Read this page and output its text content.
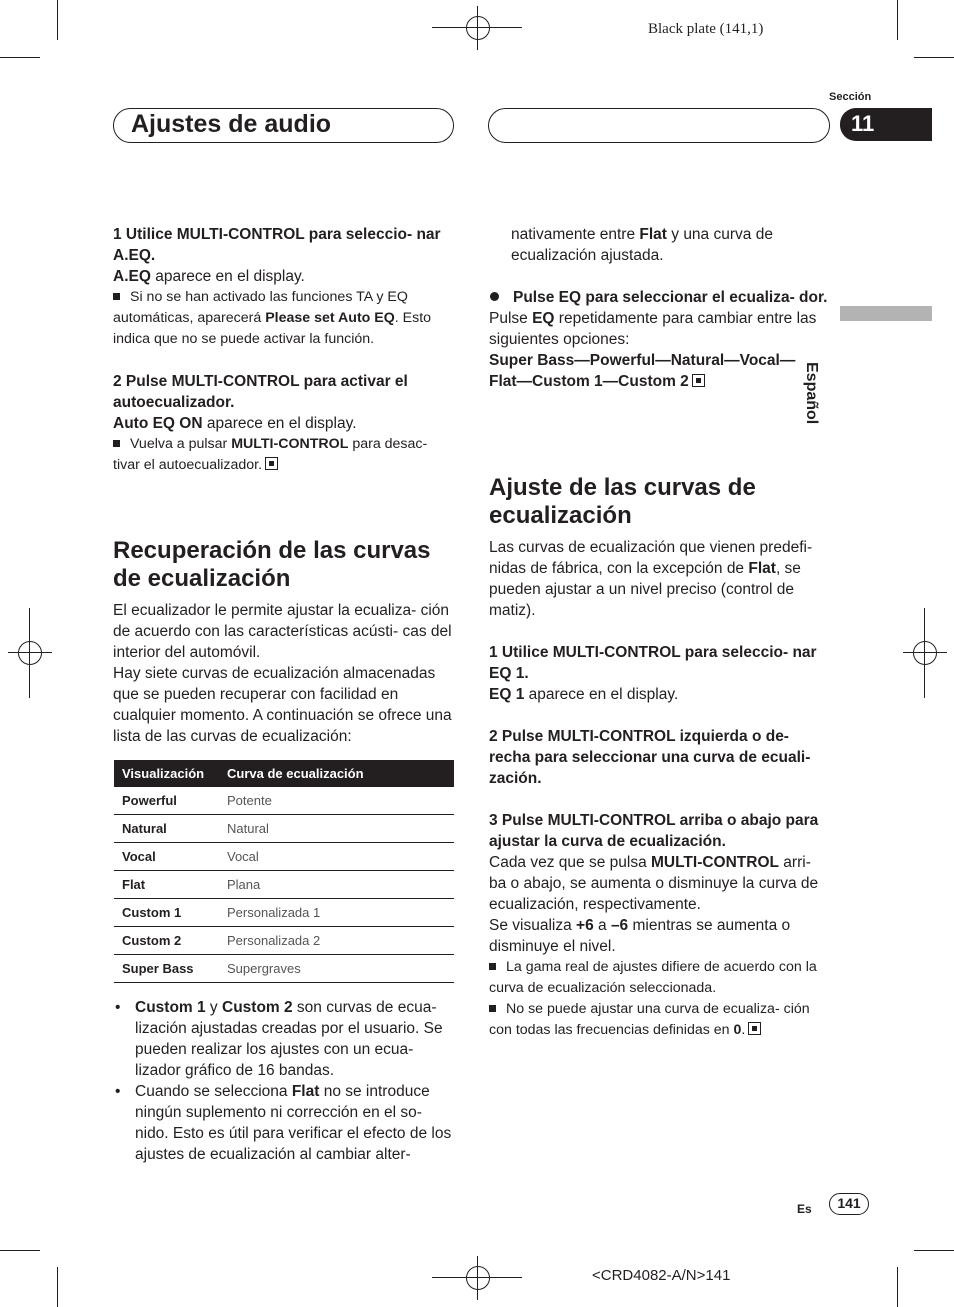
Black plate (141,1)
Ajustes de audio
Sección
11
Español

1 Utilice MULTI-CONTROL para seleccio- nar A.EQ.

A.EQ aparece en el display.

Si no se han activado las funciones TA y EQ automáticas, aparecerá Please set Auto EQ. Esto indica que no se puede activar la función.

2 Pulse MULTI-CONTROL para activar el autoecualizador.

Auto EQ ON aparece en el display.

Vuelva a pulsar MULTI-CONTROL para desac- tivar el autoecualizador.

Recuperación de las curvas de ecualización

El ecualizador le permite ajustar la ecualiza- ción de acuerdo con las características acústi- cas del interior del automóvil.

Hay siete curvas de ecualización almacenadas que se pueden recuperar con facilidad en cualquier momento. A continuación se ofrece una lista de las curvas de ecualización:

Visualización	Curva de ecualización
Powerful	Potente
Natural	Natural
Vocal	Vocal
Flat	Plana
Custom 1	Personalizada 1
Custom 2	Personalizada 2
Super Bass	Supergraves

• Custom 1 y Custom 2 son curvas de ecua- lización ajustadas creadas por el usuario. Se pueden realizar los ajustes con un ecua- lizador gráfico de 16 bandas.

• Cuando se selecciona Flat no se introduce ningún suplemento ni corrección en el so- nido. Esto es útil para verificar el efecto de los ajustes de ecualización al cambiar alter-

nativamente entre Flat y una curva de ecualización ajustada.

Pulse EQ para seleccionar el ecualiza- dor.

Pulse EQ repetidamente para cambiar entre las siguientes opciones:

Super Bass—Powerful—Natural—Vocal—

Flat—Custom 1—Custom 2

Ajuste de las curvas de ecualización

Las curvas de ecualización que vienen predefi- nidas de fábrica, con la excepción de Flat, se pueden ajustar a un nivel preciso (control de matiz).

1 Utilice MULTI-CONTROL para seleccio- nar EQ 1.

EQ 1 aparece en el display.

2 Pulse MULTI-CONTROL izquierda o de- recha para seleccionar una curva de ecuali- zación.

3 Pulse MULTI-CONTROL arriba o abajo para ajustar la curva de ecualización.

Cada vez que se pulsa MULTI-CONTROL arri- ba o abajo, se aumenta o disminuye la curva de ecualización, respectivamente.

Se visualiza +6 a –6 mientras se aumenta o disminuye el nivel.

La gama real de ajustes difiere de acuerdo con la curva de ecualización seleccionada.

No se puede ajustar una curva de ecualiza- ción con todas las frecuencias definidas en 0.

Es	141
<CRD4082-A/N>141
